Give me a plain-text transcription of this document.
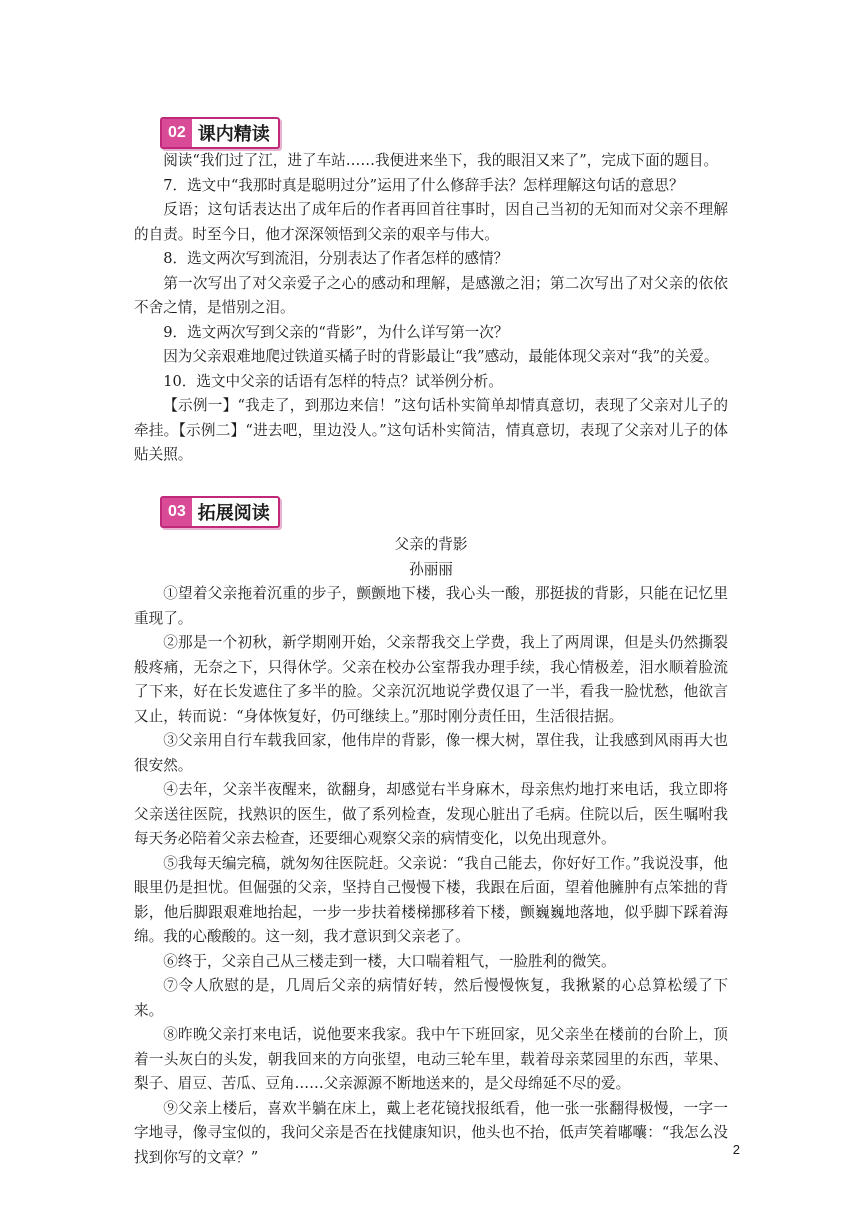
02 课内精读

阅读“我们过了江，进了车站……我便进来坐下，我的眼泪又来了”，完成下面的题目。

7．选文中“我那时真是聪明过分”运用了什么修辞手法？怎样理解这句话的意思？

反语；这句话表达出了成年后的作者再回首往事时，因自己当初的无知而对父亲不理解的自责。时至今日，他才深深领悟到父亲的艰辛与伟大。

8．选文两次写到流泪，分别表达了作者怎样的感情？

第一次写出了对父亲爱子之心的感动和理解，是感激之泪；第二次写出了对父亲的依依不舍之情，是惜别之泪。

9．选文两次写到父亲的“背影”，为什么详写第一次？

因为父亲艰难地爬过铁道买橘子时的背影最让“我”感动，最能体现父亲对“我”的关爱。

10．选文中父亲的话语有怎样的特点？试举例分析。

【示例一】“我走了，到那边来信！”这句话朴实简单却情真意切，表现了父亲对儿子的牵挂。【示例二】“进去吧，里边没人。”这句话朴实简洁，情真意切，表现了父亲对儿子的体贴关照。

03 拓展阅读

父亲的背影

孙丽丽

①望着父亲拖着沉重的步子，颤颤地下楼，我心头一酸，那挺拔的背影，只能在记忆里重现了。

②那是一个初秋，新学期刚开始，父亲帮我交上学费，我上了两周课，但是头仍然撕裂般疼痛，无奈之下，只得休学。父亲在校办公室帮我办理手续，我心情极差，泪水顺着脸流了下来，好在长发遮住了多半的脸。父亲沉沉地说学费仅退了一半，看我一脸忧愁，他欲言又止，转而说：“身体恢复好，仍可继续上。”那时刚分责任田，生活很拮据。

③父亲用自行车载我回家，他伟岸的背影，像一棵大树，罩住我，让我感到风雨再大也很安然。

④去年，父亲半夜醒来，欲翻身，却感觉右半身麻木，母亲焦灼地打来电话，我立即将父亲送往医院，找熟识的医生，做了系列检查，发现心脏出了毛病。住院以后，医生嘱咐我每天务必陪着父亲去检查，还要细心观察父亲的病情变化，以免出现意外。

⑤我每天编完稿，就匆匆往医院赶。父亲说：“我自己能去，你好好工作。”我说没事，他眼里仍是担忧。但倔强的父亲，坚持自己慢慢下楼，我跟在后面，望着他臃肿有点笨拙的背影，他后脚跟艰难地抬起，一步一步扶着楼梯挪移着下楼，颤巍巍地落地，似乎脚下踩着海绵。我的心酸酸的。这一刻，我才意识到父亲老了。

⑥终于，父亲自己从三楼走到一楼，大口喘着粗气，一脸胜利的微笑。

⑦令人欣慰的是，几周后父亲的病情好转，然后慢慢恢复，我揪紧的心总算松缓了下来。

⑧昨晚父亲打来电话，说他要来我家。我中午下班回家，见父亲坐在楼前的台阶上，顶着一头灰白的头发，朝我回来的方向张望，电动三轮车里，载着母亲菜园里的东西，苹果、梨子、眉豆、苦瓜、豆角……父亲源源不断地送来的，是父母绵延不尽的爱。

⑨父亲上楼后，喜欢半躺在床上，戴上老花镜找报纸看，他一张一张翻得极慢，一字一字地寻，像寻宝似的，我问父亲是否在找健康知识，他头也不抬，低声笑着嘟囔：“我怎么没找到你写的文章？”	2
